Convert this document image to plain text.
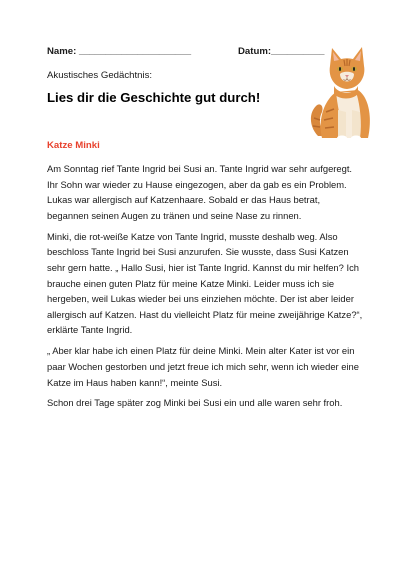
Name: _____________________	Datum:__________
Akustisches Gedächtnis:
Lies dir die Geschichte gut durch!
Katze Minki

Am Sonntag rief Tante Ingrid bei Susi an. Tante Ingrid war sehr aufgeregt. Ihr Sohn war wieder zu Hause eingezogen, aber da gab es ein Problem. Lukas war allergisch auf Katzenhaare. Sobald er das Haus betrat, begannen seinen Augen zu tränen und seine Nase zu rinnen.

Minki, die rot-weiße Katze von Tante Ingrid, musste deshalb weg. Also beschloss Tante Ingrid bei Susi anzurufen. Sie wusste, dass Susi Katzen sehr gern hatte. „ Hallo Susi, hier ist Tante Ingrid. Kannst du mir helfen? Ich brauche einen guten Platz für meine Katze Minki. Leider muss ich sie hergeben, weil Lukas wieder bei uns einziehen möchte. Der ist aber leider allergisch auf Katzen. Hast du vielleicht Platz für meine zweijährige Katze?“, erklärte Tante Ingrid.

„ Aber klar habe ich einen Platz für deine Minki. Mein alter Kater ist vor ein paar Wochen gestorben und jetzt freue ich mich sehr, wenn ich wieder eine Katze im Haus haben kann!“, meinte Susi.

Schon drei Tage später zog Minki bei Susi ein und alle waren sehr froh.
